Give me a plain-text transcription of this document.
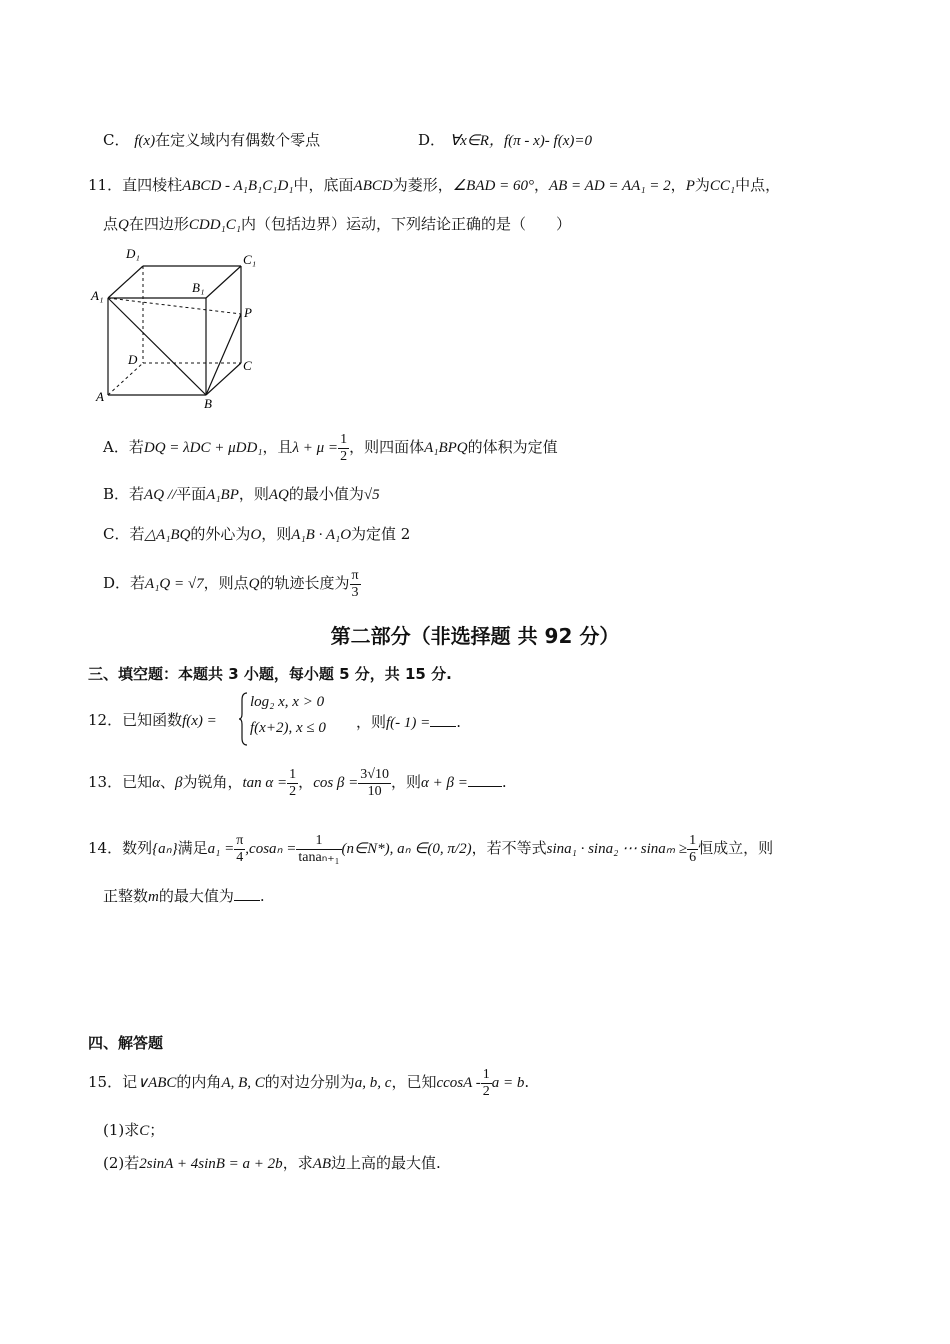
C． f(x)在定义域内有偶数个零点	D． ∀x∈R，f(π - x)- f(x)=0
11．直四棱柱ABCD - A₁B₁C₁D₁中，底面ABCD为菱形，∠BAD = 60°，AB = AD = AA₁ = 2，P为CC₁中点，
点Q在四边形CDD₁C₁内（包括边界）运动，下列结论正确的是（　　）
D₁	C₁
A₁
B₁
P
D	C
A	B
A．若DQ = λDC + μDD₁，且$\lambda + \mu = \frac{1}{2}$ ，则四面体A₁BPQ的体积为定值
B．若AQ //平面A₁BP，则AQ的最小值为√5
C．若△A₁BQ的外心为O，则A₁B · A₁O为定值 2
D．若A₁Q = √7，则点Q的轨迹长度为 $\frac{\pi}{3}$
第二部分（非选择题 共 92 分）
三、填空题：本题共 3 小题，每小题 5 分，共 15 分.
12．已知函数f(x) =
log₂ x, x > 0
f(x+2), x ≤ 0 ，则f(- 1) = .
13．已知α、β为锐角，$\tan \alpha = \frac{1}{2}$ ，$\cos \beta = \frac{3√10}{10}$ ，则α + β = .
14．数列{aₙ}满足$a_1 = \frac{\pi}{4} ,\cos a_n = \frac{1}{\text{tanaₙ₊₁}}$ (n∈N*), aₙ ∈(0, π/2)，若不等式sina₁ · sina₂ ⋯ $\sin a_m \ge \frac{1}{6}$ 恒成立，则
正整数m的最大值为 .
四、解答题
15．记∨ABC的内角A, B, C的对边分别为a, b, c，已知ccosA - $\frac{1}{2}$ a = b.
(1)求C；
(2)若2sinA + 4sinB = a + 2b，求AB边上高的最大值.
